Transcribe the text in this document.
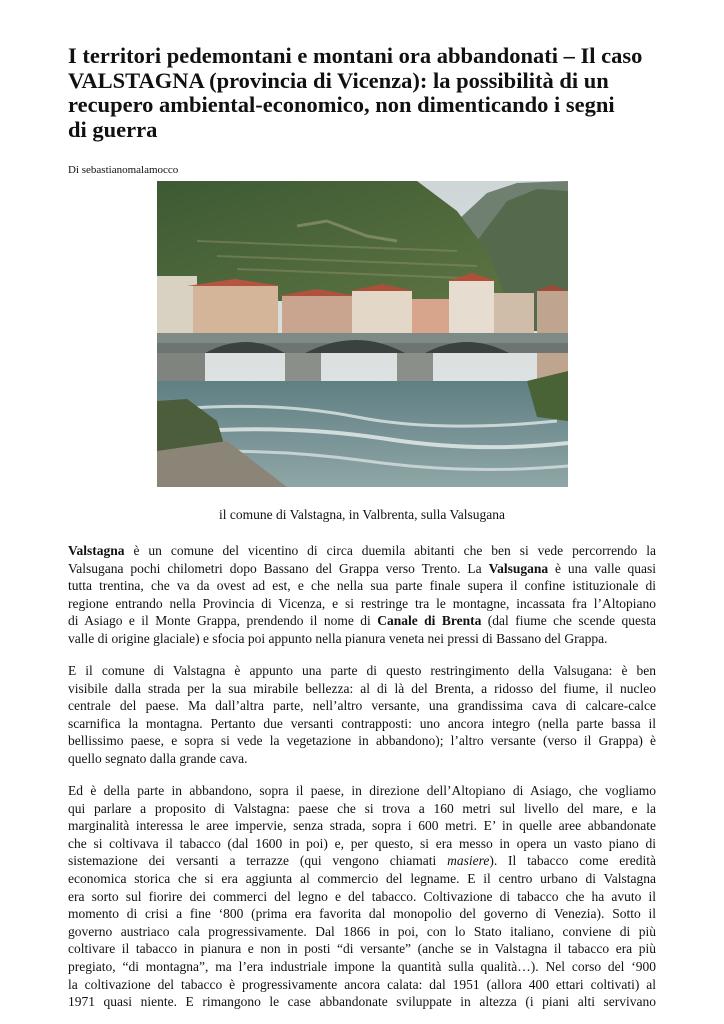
I territori pedemontani e montani ora abbandonati – Il caso
VALSTAGNA (provincia di Vicenza): la possibilità di un
recupero ambiental-economico, non dimenticando i segni
di guerra

Di sebastianomalamocco

il comune di Valstagna, in Valbrenta, sulla Valsugana

Valstagna è un comune del vicentino di circa duemila abitanti che ben si vede percorrendo la
Valsugana pochi chilometri dopo Bassano del Grappa verso Trento. La Valsugana è una valle quasi
tutta trentina, che va da ovest ad est, e che nella sua parte finale supera il confine istituzionale di
regione entrando nella Provincia di Vicenza, e si restringe tra le montagne, incassata fra l’Altopiano
di Asiago e il Monte Grappa, prendendo il nome di Canale di Brenta (dal fiume che scende questa
valle di origine glaciale) e sfocia poi appunto nella pianura veneta nei pressi di Bassano del Grappa.
E il comune di Valstagna è appunto una parte di questo restringimento della Valsugana: è ben
visibile dalla strada per la sua mirabile bellezza: al di là del Brenta, a ridosso del fiume, il nucleo
centrale del paese. Ma dall’altra parte, nell’altro versante, una grandissima cava di calcare-calce
scarnifica la montagna. Pertanto due versanti contrapposti: uno ancora integro (nella parte bassa il
bellissimo paese, e sopra si vede la vegetazione in abbandono); l’altro versante (verso il Grappa) è
quello segnato dalla grande cava.
Ed è della parte in abbandono, sopra il paese, in direzione dell’Altopiano di Asiago, che vogliamo
qui parlare a proposito di Valstagna: paese che si trova a 160 metri sul livello del mare, e la
marginalità interessa le aree impervie, senza strada, sopra i 600 metri. E’ in quelle aree abbandonate
che si coltivava il tabacco (dal 1600 in poi) e, per questo, si era messo in opera un vasto piano di
sistemazione dei versanti a terrazze (qui vengono chiamati masiere). Il tabacco come eredità
economica storica che si era aggiunta al commercio del legname. E il centro urbano di Valstagna
era sorto sul fiorire dei commerci del legno e del tabacco. Coltivazione di tabacco che ha avuto il
momento di crisi a fine ‘800 (prima era favorita dal monopolio del governo di Venezia). Sotto il
governo austriaco cala progressivamente. Dal 1866 in poi, con lo Stato italiano, conviene di più
coltivare il tabacco in pianura e non in posti “di versante” (anche se in Valstagna il tabacco era più
pregiato, “di montagna”, ma l’era industriale impone la quantità sulla qualità…). Nel corso del ‘900
la coltivazione del tabacco è progressivamente ancora calata: dal 1951 (allora 400 ettari coltivati) al
1971 quasi niente. E rimangono le case abbandonate sviluppate in altezza (i piani alti servivano
